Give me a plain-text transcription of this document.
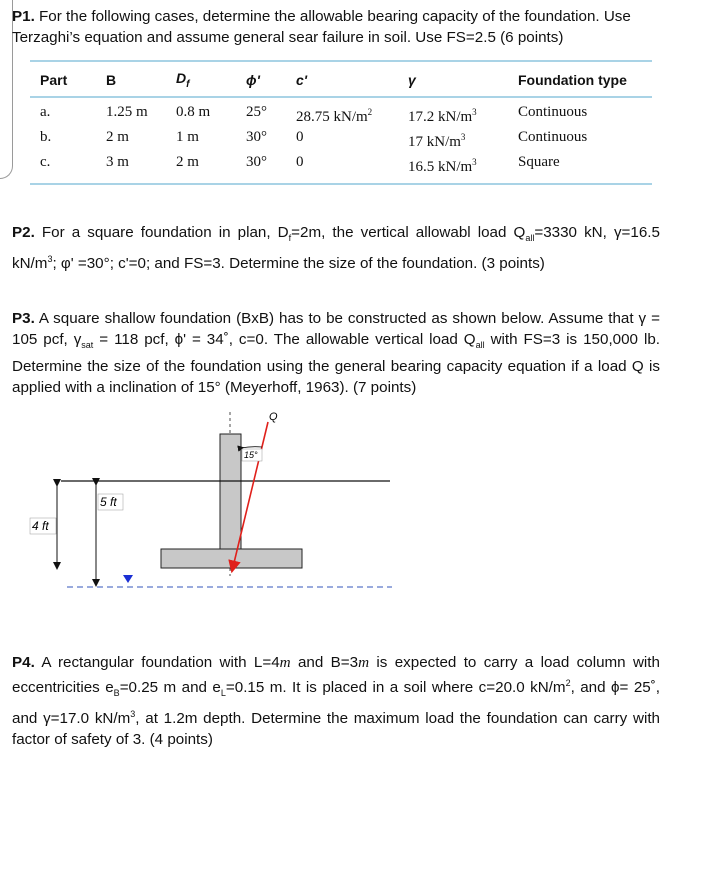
P1. For the following cases, determine the allowable bearing capacity of the foundation. Use Terzaghi’s equation and assume general sear failure in soil. Use FS=2.5 (6 points)

Part	B	$D_f$	ϕ'	c'	γ	Foundation type
a.	1.25 m	0.8 m	25°	28.75 $kN/m^2$	17.2 $kN/m^3$	Continuous
b.	2 m	1 m	30°	0	17 $kN/m^3$	Continuous
c.	3 m	2 m	30°	0	16.5 $kN/m^3$	Square

P2. For a square foundation in plan, $D_f=2m$, the vertical allowabl load $Q_{all}=3330$ kN, γ=16.5 $kN/m^3$; φ' =30°; c'=0; and FS=3. Determine the size of the foundation. (3 points)

P3. A square shallow foundation (BxB) has to be constructed as shown below. Assume that γ = 105 pcf, $\gamma_{sat} = 118$ pcf, ϕ' = 34˚, c=0. The allowable vertical load $Q_{all}$ with FS=3 is 150,000 lb. Determine the size of the foundation using the general bearing capacity equation if a load Q is applied with a inclination of 15° (Meyerhoff, 1963). (7 points)

Q
15°
5 ft
4 ft

P4. A rectangular foundation with L=4m and B=3m is expected to carry a load column with eccentricities $e_B=0.25$ m and $e_L=0.15$ m. It is placed in a soil where c=20.0 $kN/m^2$, and ϕ= 25˚, and γ=17.0 $kN/m^3$, at 1.2m depth. Determine the maximum load the foundation can carry with factor of safety of 3. (4 points)
